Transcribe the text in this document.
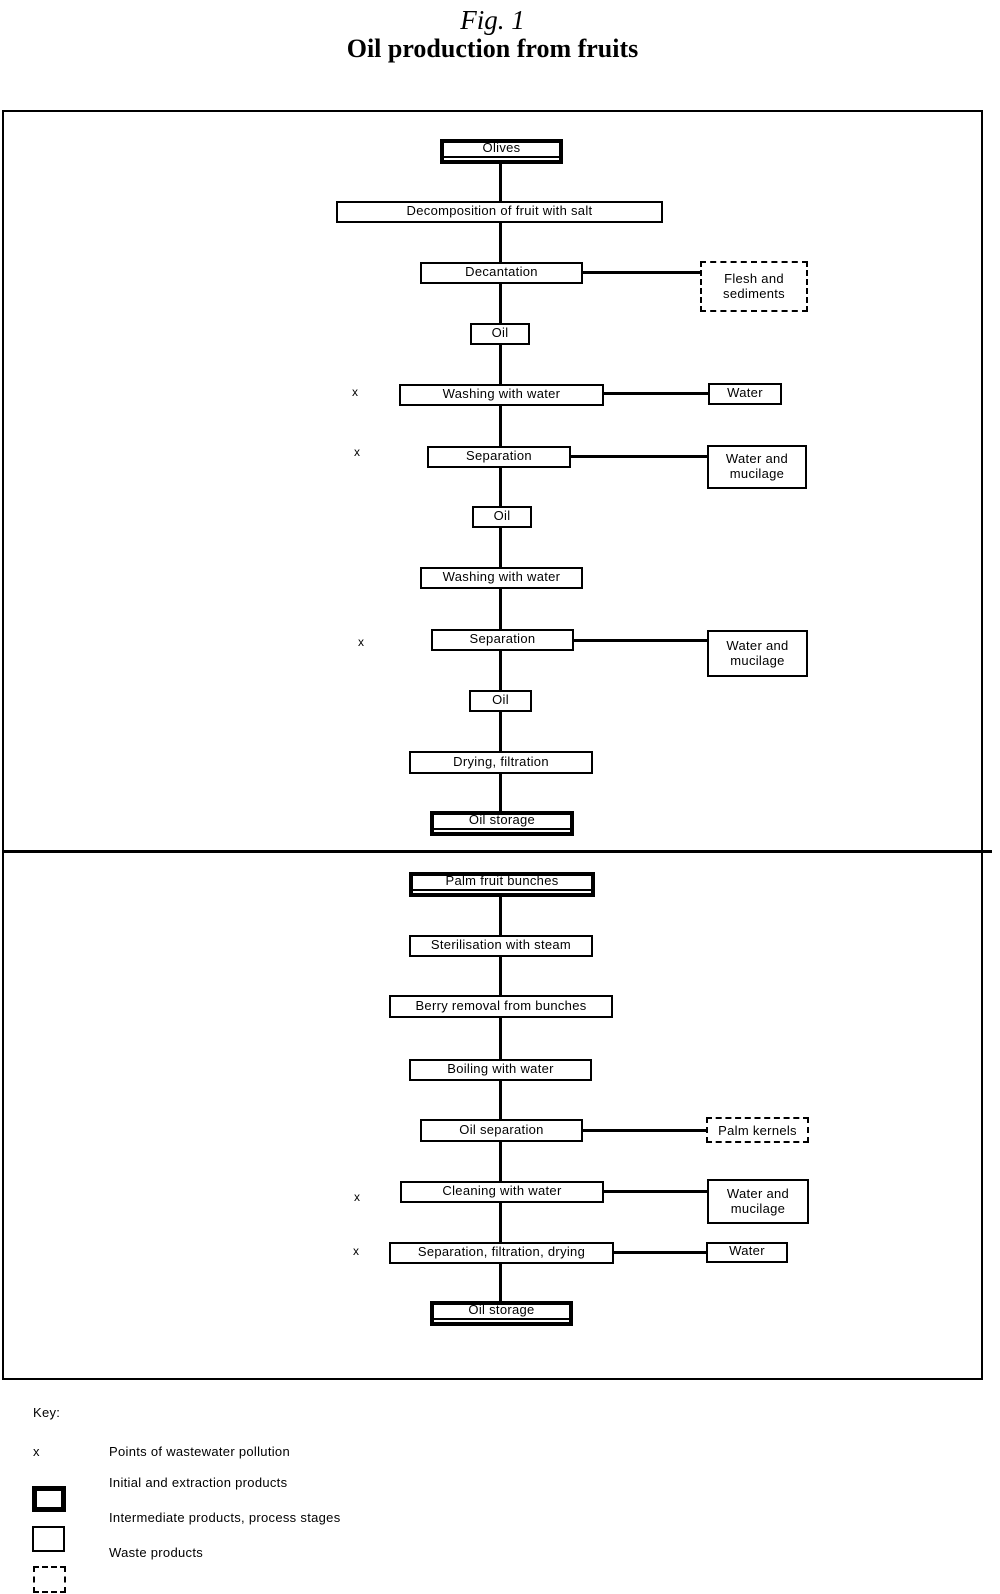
Fig. 1
Oil production from fruits
Olives
Decomposition of fruit with salt
Decantation	Flesh and sediments
Oil
Washing with water	Water
Separation	Water and mucilage
Oil
Washing with water
Separation	Water and mucilage
Oil
Drying, filtration
Oil storage
Palm fruit bunches
Sterilisation with steam
Berry removal from bunches
Boiling with water
Oil separation	Palm kernels
Cleaning with water	Water and mucilage
Separation, filtration, drying	Water
Oil storage
x
x
x
x
x
Key:
x	Points of wastewater pollution
Initial and extraction products
Intermediate products, process stages
Waste products
